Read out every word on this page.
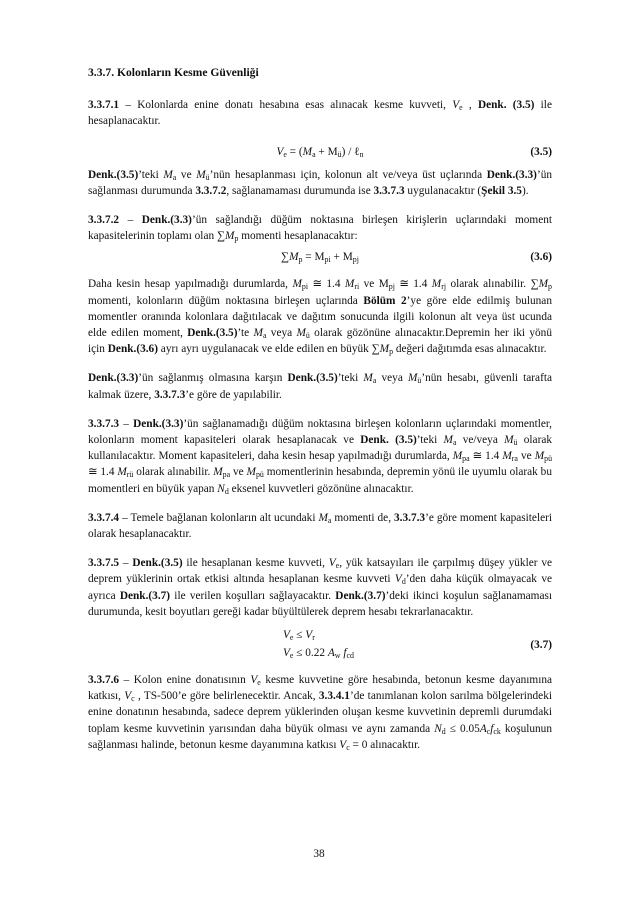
3.3.7. Kolonların Kesme Güvenliği

3.3.7.1 – Kolonlarda enine donatı hesabına esas alınacak kesme kuvveti, $V_e$ , Denk. (3.5) ile hesaplanacaktır.

$V_e = (M_a + M_ü)$ / ℓ$_n$	(3.5)

Denk.(3.5)’teki $M_a$ ve $M_ü’nün$ hesaplanması için, kolonun alt ve/veya üst uçlarında Denk.(3.3)’ün sağlanması durumunda 3.3.7.2, sağlanamaması durumunda ise 3.3.7.3 uygulanacaktır (Şekil 3.5).

3.3.7.2 – Denk.(3.3)’ün sağlandığı düğüm noktasına birleşen kirişlerin uçlarındaki moment kapasitelerinin toplamı olan $\sum M_p$ momenti hesaplanacaktır:

$\sum M_p = M_{pi} + M_{pj}$	(3.6)

Daha kesin hesap yapılmadığı durumlarda, $M_{pi}$ ≅ 1.4 $M_{ri}$ ve $M_{pj}$ ≅ 1.4 $M_{rj}$ olarak alınabilir. $\sum M_p$ momenti, kolonların düğüm noktasına birleşen uçlarında Bölüm 2’ye göre elde edilmiş bulunan momentler oranında kolonlara dağıtılacak ve dağıtım sonucunda ilgili kolonun alt veya üst ucunda elde edilen moment, Denk.(3.5)’te $M_a$ veya $M_ü$ olarak gözönüne alınacaktır.Depremin her iki yönü için Denk.(3.6) ayrı ayrı uygulanacak ve elde edilen en büyük $\sum M_p$ değeri dağıtımda esas alınacaktır.

Denk.(3.3)’ün sağlanmış olmasına karşın Denk.(3.5)’teki $M_a$ veya $M_ü’nün$ hesabı, güvenli tarafta kalmak üzere, 3.3.7.3’e göre de yapılabilir.

3.3.7.3 – Denk.(3.3)’ün sağlanamadığı düğüm noktasına birleşen kolonların uçlarındaki momentler, kolonların moment kapasiteleri olarak hesaplanacak ve Denk. (3.5)’teki $M_a$ ve/veya $M_ü$ olarak kullanılacaktır. Moment kapasiteleri, daha kesin hesap yapılmadığı durumlarda, $M_{pa}$ ≅ 1.4 $M_{ra}$ ve $M_{pü}$ ≅ 1.4 $M_{rü}$ olarak alınabilir. $M_{pa}$ ve $M_{pü}$ momentlerinin hesabında, depremin yönü ile uyumlu olarak bu momentleri en büyük yapan $N_d$ eksenel kuvvetleri gözönüne alınacaktır.

3.3.7.4 – Temele bağlanan kolonların alt ucundaki $M_a$ momenti de, 3.3.7.3’e göre moment kapasiteleri olarak hesaplanacaktır.

3.3.7.5 – Denk.(3.5) ile hesaplanan kesme kuvveti, $V_e$, yük katsayıları ile çarpılmış düşey yükler ve deprem yüklerinin ortak etkisi altında hesaplanan kesme kuvveti $V_d’den$ daha küçük olmayacak ve ayrıca Denk.(3.7) ile verilen koşulları sağlayacaktır. Denk.(3.7)’deki ikinci koşulun sağlanamaması durumunda, kesit boyutları gereği kadar büyültülerek deprem hesabı tekrarlanacaktır.

$V_e \le V_r$
$V_e \le 0.22$ $A_w$ $f_{cd}$
(3.7)

3.3.7.6 – Kolon enine donatısının $V_e$ kesme kuvvetine göre hesabında, betonun kesme dayanımına katkısı, $V_c$ , TS-500’e göre belirlenecektir. Ancak, 3.3.4.1’de tanımlanan kolon sarılma bölgelerindeki enine donatının hesabında, sadece deprem yüklerinden oluşan kesme kuvvetinin depremli durumdaki toplam kesme kuvvetinin yarısından daha büyük olması ve aynı zamanda $N_d \le 0.05A_cf_{ck}$ koşulunun sağlanması halinde, betonun kesme dayanımına katkısı $V_c = 0$ alınacaktır.

38
